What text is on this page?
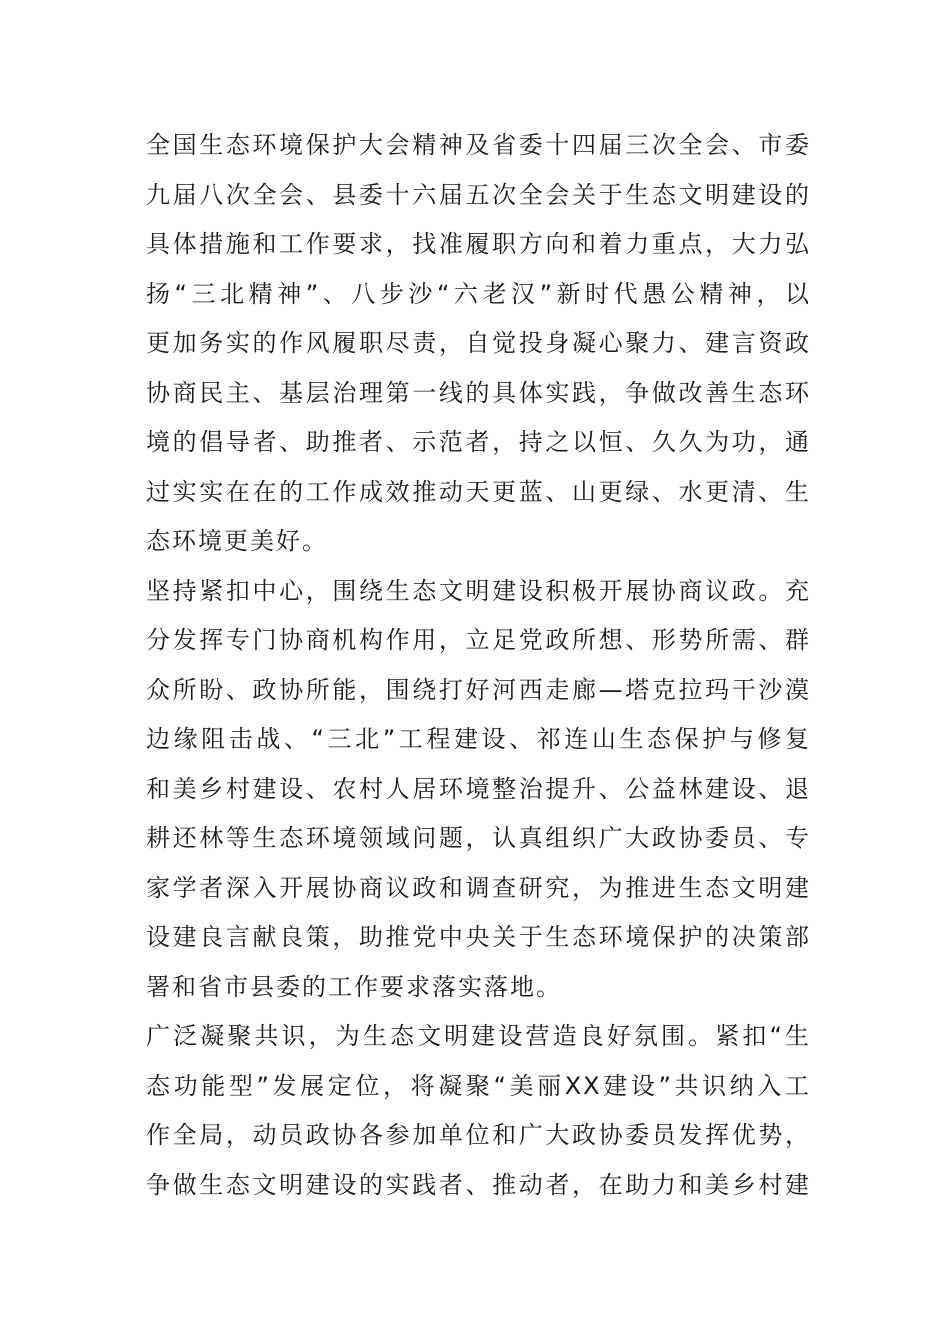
全国生态环境保护大会精神及省委十四届三次全会、市委
九届八次全会、县委十六届五次全会关于生态文明建设的
具体措施和工作要求，找准履职方向和着力重点，大力弘
扬“三北精神”、八步沙“六老汉”新时代愚公精神，以
更加务实的作风履职尽责，自觉投身凝心聚力、建言资政
协商民主、基层治理第一线的具体实践，争做改善生态环
境的倡导者、助推者、示范者，持之以恒、久久为功，通
过实实在在的工作成效推动天更蓝、山更绿、水更清、生
态环境更美好。
坚持紧扣中心，围绕生态文明建设积极开展协商议政。充
分发挥专门协商机构作用，立足党政所想、形势所需、群
众所盼、政协所能，围绕打好河西走廊—塔克拉玛干沙漠
边缘阻击战、“三北”工程建设、祁连山生态保护与修复
和美乡村建设、农村人居环境整治提升、公益林建设、退
耕还林等生态环境领域问题，认真组织广大政协委员、专
家学者深入开展协商议政和调查研究，为推进生态文明建
设建良言献良策，助推党中央关于生态环境保护的决策部
署和省市县委的工作要求落实落地。
广泛凝聚共识，为生态文明建设营造良好氛围。紧扣“生
态功能型”发展定位，将凝聚“美丽XX建设”共识纳入工
作全局，动员政协各参加单位和广大政协委员发挥优势，
争做生态文明建设的实践者、推动者，在助力和美乡村建
